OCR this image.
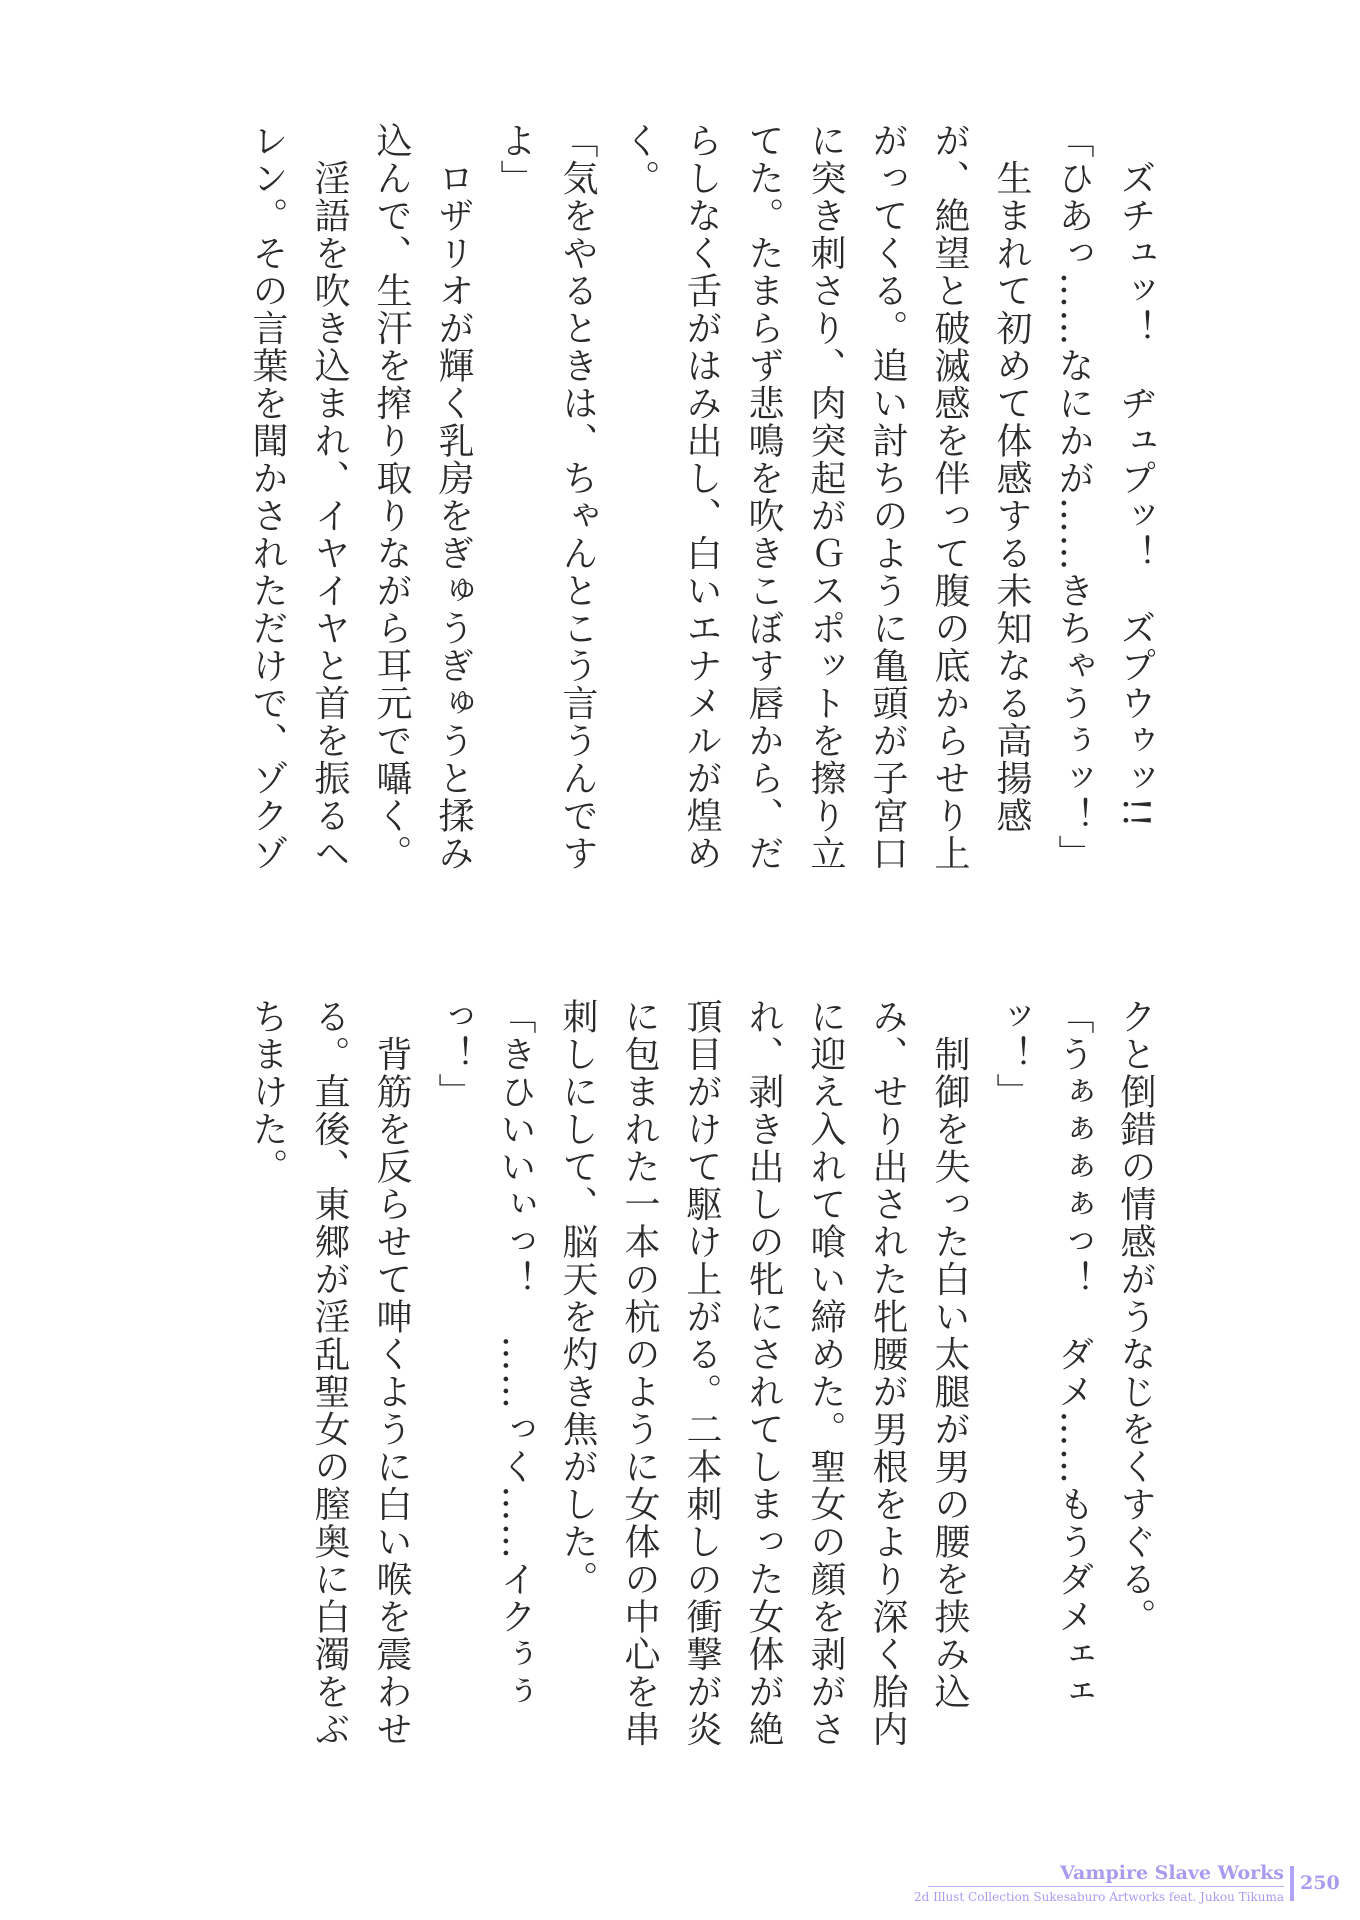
　ズチュッ！　ヂュプッ！　ズプウゥッ!!
「ひあっ……なにかが……きちゃうぅッ！」
　生まれて初めて体感する未知なる高揚感
が、絶望と破滅感を伴って腹の底からせり上
がってくる。追い討ちのように亀頭が子宮口
に突き刺さり、肉突起がＧスポットを擦り立
てた。たまらず悲鳴を吹きこぼす唇から、だ
らしなく舌がはみ出し、白いエナメルが煌め
く。
「気をやるときは、ちゃんとこう言うんです
よ」
　ロザリオが輝く乳房をぎゅうぎゅうと揉み
込んで、生汗を搾り取りながら耳元で囁く。
　淫語を吹き込まれ、イヤイヤと首を振るヘ
レン。その言葉を聞かされただけで、ゾクゾ
クと倒錯の情感がうなじをくすぐる。
「うぁぁぁぁっ！　ダメ……もうダメェェ
ッ！」
　制御を失った白い太腿が男の腰を挟み込
み、せり出された牝腰が男根をより深く胎内
に迎え入れて喰い締めた。聖女の顔を剥がさ
れ、剥き出しの牝にされてしまった女体が絶
頂目がけて駆け上がる。二本刺しの衝撃が炎
に包まれた一本の杭のように女体の中心を串
刺しにして、脳天を灼き焦がした。
「きひいいぃっ！　……っく……イクぅぅ
っ！」
　背筋を反らせて呻くように白い喉を震わせ
る。直後、東郷が淫乱聖女の膣奥に白濁をぶ
ちまけた。
Vampire Slave Works
2d Illust Collection Sukesaburo Artworks feat. Jukou Tikuma
250
